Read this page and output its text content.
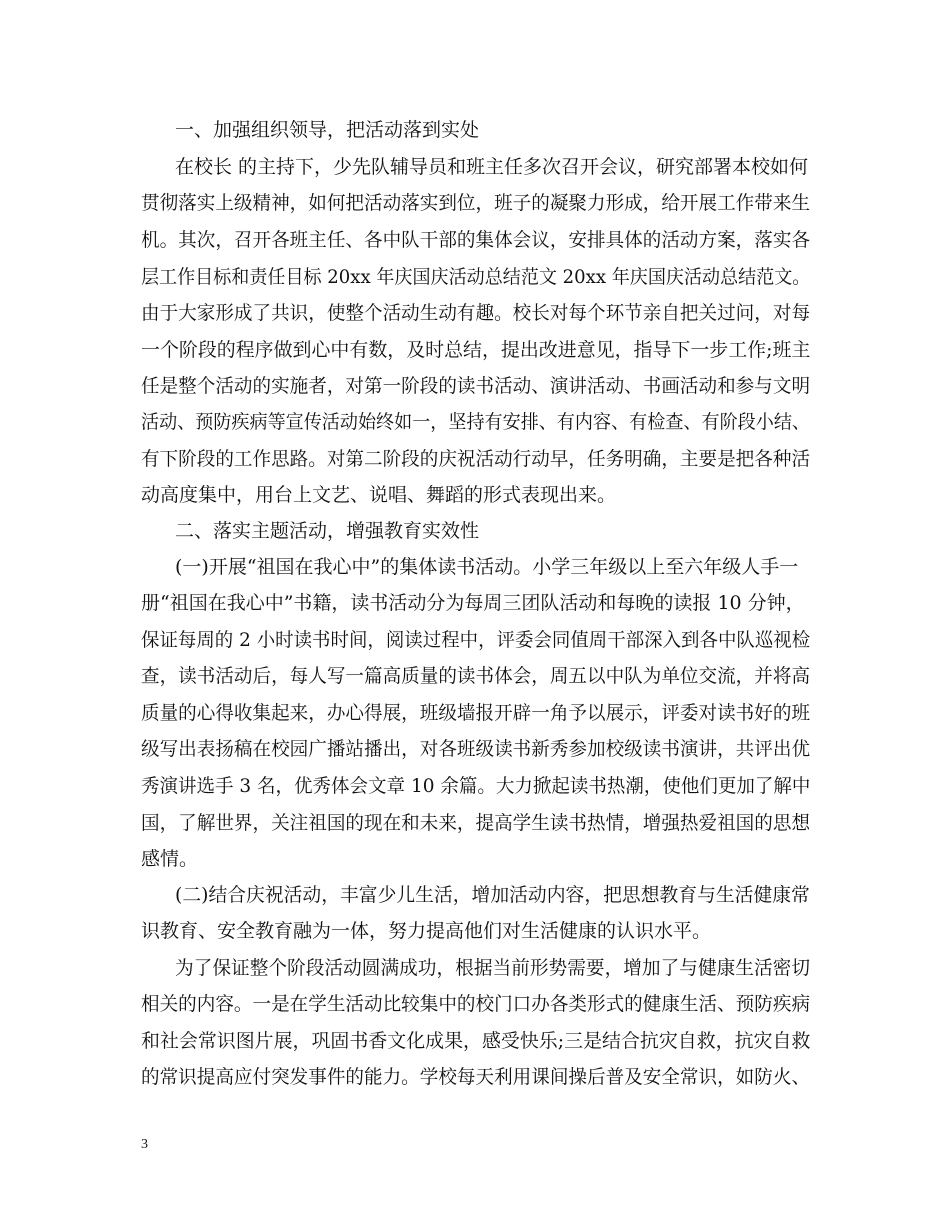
一、加强组织领导，把活动落到实处
在校长 的主持下，少先队辅导员和班主任多次召开会议，研究部署本校如何
贯彻落实上级精神，如何把活动落实到位，班子的凝聚力形成，给开展工作带来生
机。其次，召开各班主任、各中队干部的集体会议，安排具体的活动方案，落实各
层工作目标和责任目标 20xx 年庆国庆活动总结范文 20xx 年庆国庆活动总结范文。
由于大家形成了共识，使整个活动生动有趣。校长对每个环节亲自把关过问，对每
一个阶段的程序做到心中有数，及时总结，提出改进意见，指导下一步工作;班主
任是整个活动的实施者，对第一阶段的读书活动、演讲活动、书画活动和参与文明
活动、预防疾病等宣传活动始终如一，坚持有安排、有内容、有检查、有阶段小结、
有下阶段的工作思路。对第二阶段的庆祝活动行动早，任务明确，主要是把各种活
动高度集中，用台上文艺、说唱、舞蹈的形式表现出来。
二、落实主题活动，增强教育实效性
(一)开展“祖国在我心中”的集体读书活动。小学三年级以上至六年级人手一
册“祖国在我心中”书籍，读书活动分为每周三团队活动和每晚的读报 10 分钟，
保证每周的 2 小时读书时间，阅读过程中，评委会同值周干部深入到各中队巡视检
查，读书活动后，每人写一篇高质量的读书体会，周五以中队为单位交流，并将高
质量的心得收集起来，办心得展，班级墙报开辟一角予以展示，评委对读书好的班
级写出表扬稿在校园广播站播出，对各班级读书新秀参加校级读书演讲，共评出优
秀演讲选手 3 名，优秀体会文章 10 余篇。大力掀起读书热潮，使他们更加了解中
国，了解世界，关注祖国的现在和未来，提高学生读书热情，增强热爱祖国的思想
感情。
(二)结合庆祝活动，丰富少儿生活，增加活动内容，把思想教育与生活健康常
识教育、安全教育融为一体，努力提高他们对生活健康的认识水平。
为了保证整个阶段活动圆满成功，根据当前形势需要，增加了与健康生活密切
相关的内容。一是在学生活动比较集中的校门口办各类形式的健康生活、预防疾病
和社会常识图片展，巩固书香文化成果，感受快乐;三是结合抗灾自救，抗灾自救
的常识提高应付突发事件的能力。学校每天利用课间操后普及安全常识，如防火、
3
